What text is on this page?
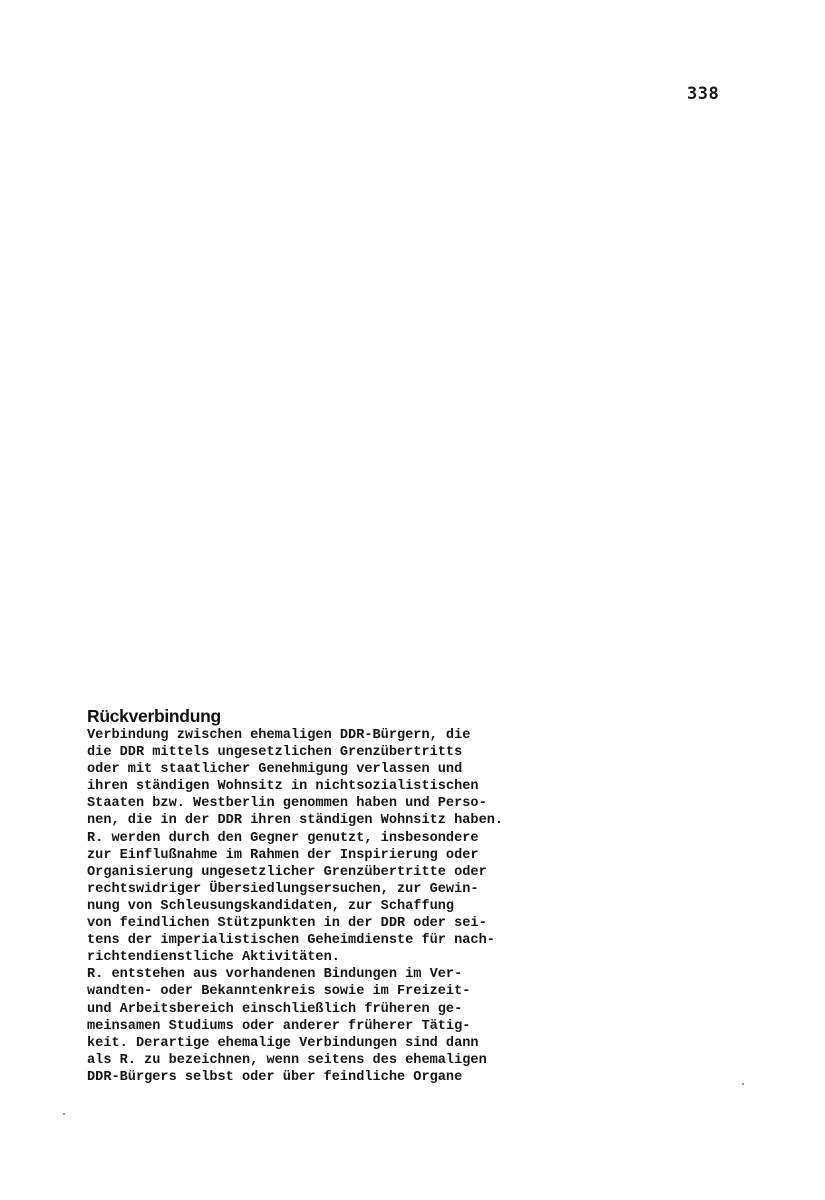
338
Rückverbindung
Verbindung zwischen ehemaligen DDR-Bürgern, die
die DDR mittels ungesetzlichen Grenzübertritts
oder mit staatlicher Genehmigung verlassen und
ihren ständigen Wohnsitz in nichtsozialistischen
Staaten bzw. Westberlin genommen haben und Perso-
nen, die in der DDR ihren ständigen Wohnsitz haben.
R. werden durch den Gegner genutzt, insbesondere
zur Einflußnahme im Rahmen der Inspirierung oder
Organisierung ungesetzlicher Grenzübertritte oder
rechtswidriger Übersiedlungsersuchen, zur Gewin-
nung von Schleusungskandidaten, zur Schaffung
von feindlichen Stützpunkten in der DDR oder sei-
tens der imperialistischen Geheimdienste für nach-
richtendienstliche Aktivitäten.
R. entstehen aus vorhandenen Bindungen im Ver-
wandten- oder Bekanntenkreis sowie im Freizeit-
und Arbeitsbereich einschließlich früheren ge-
meinsamen Studiums oder anderer früherer Tätig-
keit. Derartige ehemalige Verbindungen sind dann
als R. zu bezeichnen, wenn seitens des ehemaligen
DDR-Bürgers selbst oder über feindliche Organe
